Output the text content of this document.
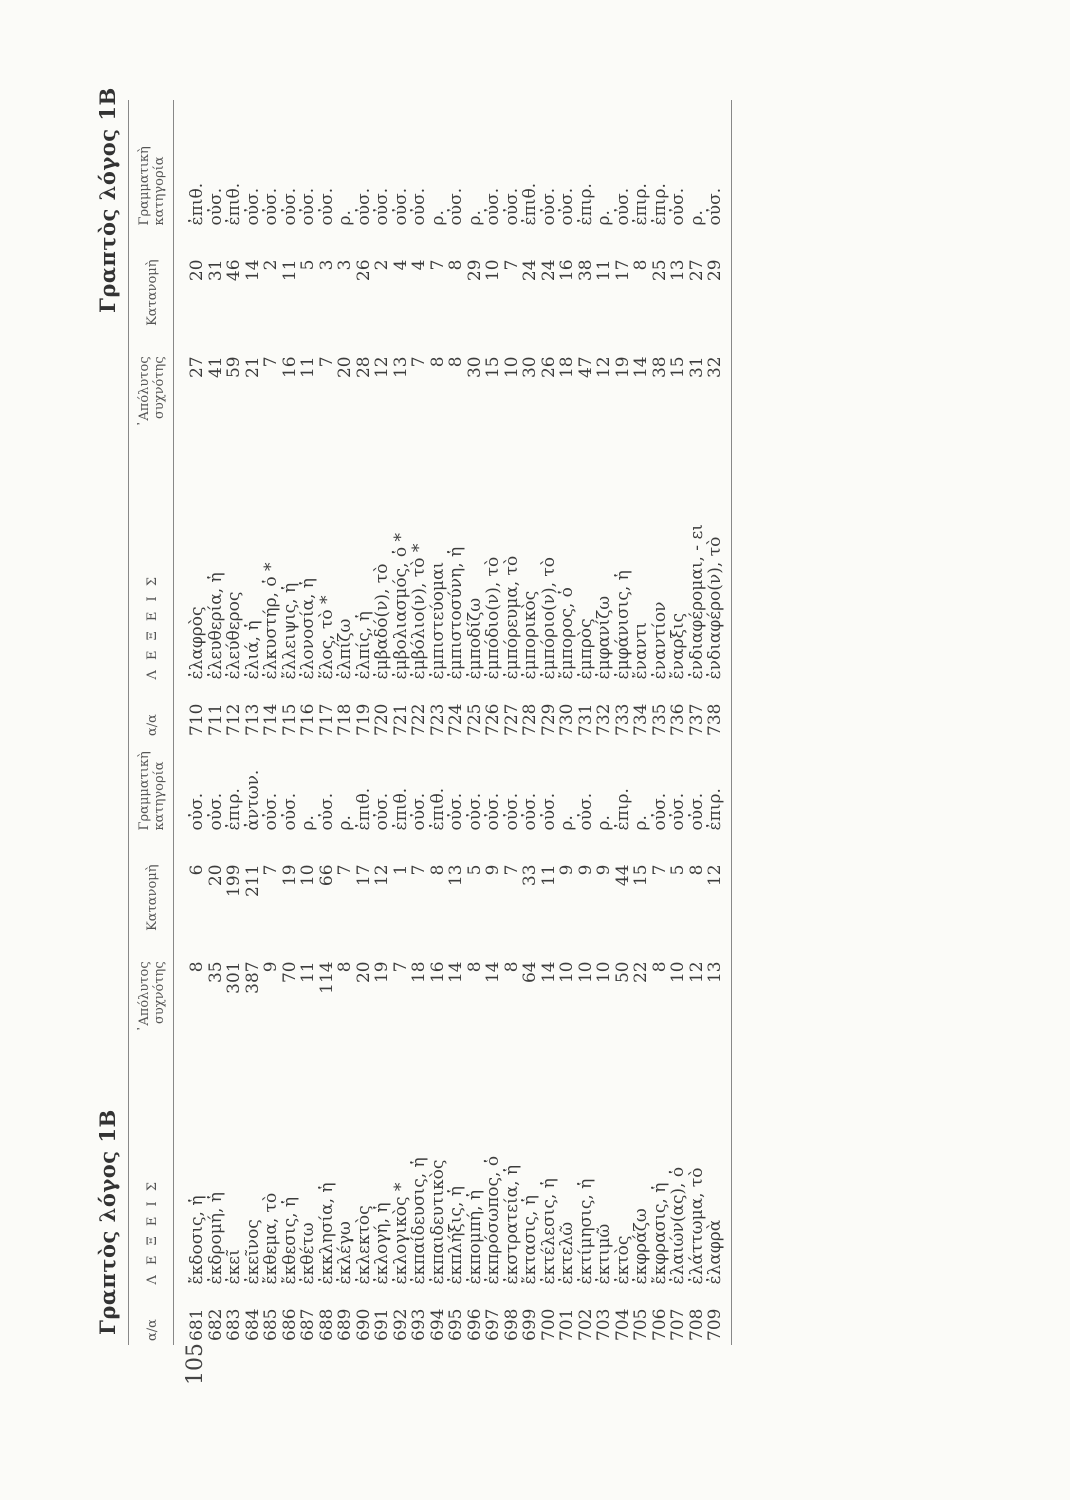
Γραπτὸς λόγος 1Β
Γραπτὸς λόγος 1Β
105
α/α	Λ Ε Ξ Ε Ι Σ	᾿Απόλυτος συχνότης	Κατανομὴ	Γραμματικὴ κατηγορία
681	ἔκδοσις, ἡ	8	6	οὐσ.
682	ἐκδρομή, ἡ	35	20	οὐσ.
683	ἐκεῖ	301	199	ἐπιρ.
684	ἐκεῖνος	387	211	ἀντων.
685	ἔκθεμα, τὸ	9	7	οὐσ.
686	ἔκθεσις, ἡ	70	19	οὐσ.
687	ἐκθέτω	11	10	ρ.
688	ἐκκλησία, ἡ	114	66	οὐσ.
689	ἐκλέγω	8	7	ρ.
690	ἐκλεκτὸς	20	17	ἐπιθ.
691	ἐκλογή, ἡ	19	12	οὐσ.
692	ἐκλογικὸς *	7	1	ἐπιθ.
693	ἐκπαίδευσις, ἡ	18	7	οὐσ.
694	ἐκπαιδευτικὸς	16	8	ἐπιθ.
695	ἐκπλήξις, ἡ	14	13	οὐσ.
696	ἐκπομπή, ἡ	8	5	οὐσ.
697	ἐκπρόσωπος, ὁ	14	9	οὐσ.
698	ἐκστρατεία, ἡ	8	7	οὐσ.
699	ἔκτασις, ἡ	64	33	οὐσ.
700	ἐκτέλεσις, ἡ	14	11	οὐσ.
701	ἐκτελῶ	10	9	ρ.
702	ἐκτίμησις, ἡ	10	9	οὐσ.
703	ἐκτιμῶ	10	9	ρ.
704	ἐκτὸς	50	44	ἐπιρ.
705	ἐκφράζω	22	15	ρ.
706	ἔκφρασις, ἡ	8	7	οὐσ.
707	ἐλαιών(ας), ὁ	10	5	οὐσ.
708	ἐλάττωμα, τὸ	12	8	οὐσ.
709	ἐλαφρὰ	13	12	ἐπιρ.
α/α	Λ Ε Ξ Ε Ι Σ	᾿Απόλυτος συχνότης	Κατανομὴ	Γραμματικὴ κατηγορία
710	ἐλαφρὸς	27	20	ἐπιθ.
711	ἐλευθερία, ἡ	41	31	οὐσ.
712	ἐλεύθερος	59	46	ἐπιθ.
713	ἐλιά, ἡ	21	14	οὐσ.
714	ἑλκυστήρ, ὁ *	7	2	οὐσ.
715	ἔλλειψις, ἡ	16	11	οὐσ.
716	ἐλονοσία, ἡ	11	5	οὐσ.
717	ἕλος, τὸ *	7	3	οὐσ.
718	ἐλπίζω	20	3	ρ.
719	ἐλπίς, ἡ	28	26	οὐσ.
720	ἐμβαδό(ν), τὸ	12	2	οὐσ.
721	ἐμβολιασμός, ὁ *	13	4	οὐσ.
722	ἐμβόλιο(ν), τὸ *	7	4	οὐσ.
723	ἐμπιστεύομαι	8	7	ρ.
724	ἐμπιστοσύνη, ἡ	8	8	οὐσ.
725	ἐμποδίζω	30	29	ρ.
726	ἐμπόδιο(ν), τὸ	15	10	οὐσ.
727	ἐμπόρευμα, τὸ	10	7	οὐσ.
728	ἐμπορικὸς	30	24	ἐπιθ.
729	ἐμπόριο(ν), τὸ	26	24	οὐσ.
730	ἔμπορος, ὁ	18	16	οὐσ.
731	ἐμπρὸς	47	38	ἐπιρ.
732	ἐμφανίζω	12	11	ρ.
733	ἐμφάνισις, ἡ	19	17	οὐσ.
734	ἔναντι	14	8	ἐπιρ.
735	ἐναντίον	38	25	ἐπιρ.
736	ἔναρξις	15	13	οὐσ.
737	ἐνδιαφέρομαι, - ει	31	27	ρ.
738	ἐνδιαφέρο(ν), τὸ	32	29	οὐσ.
